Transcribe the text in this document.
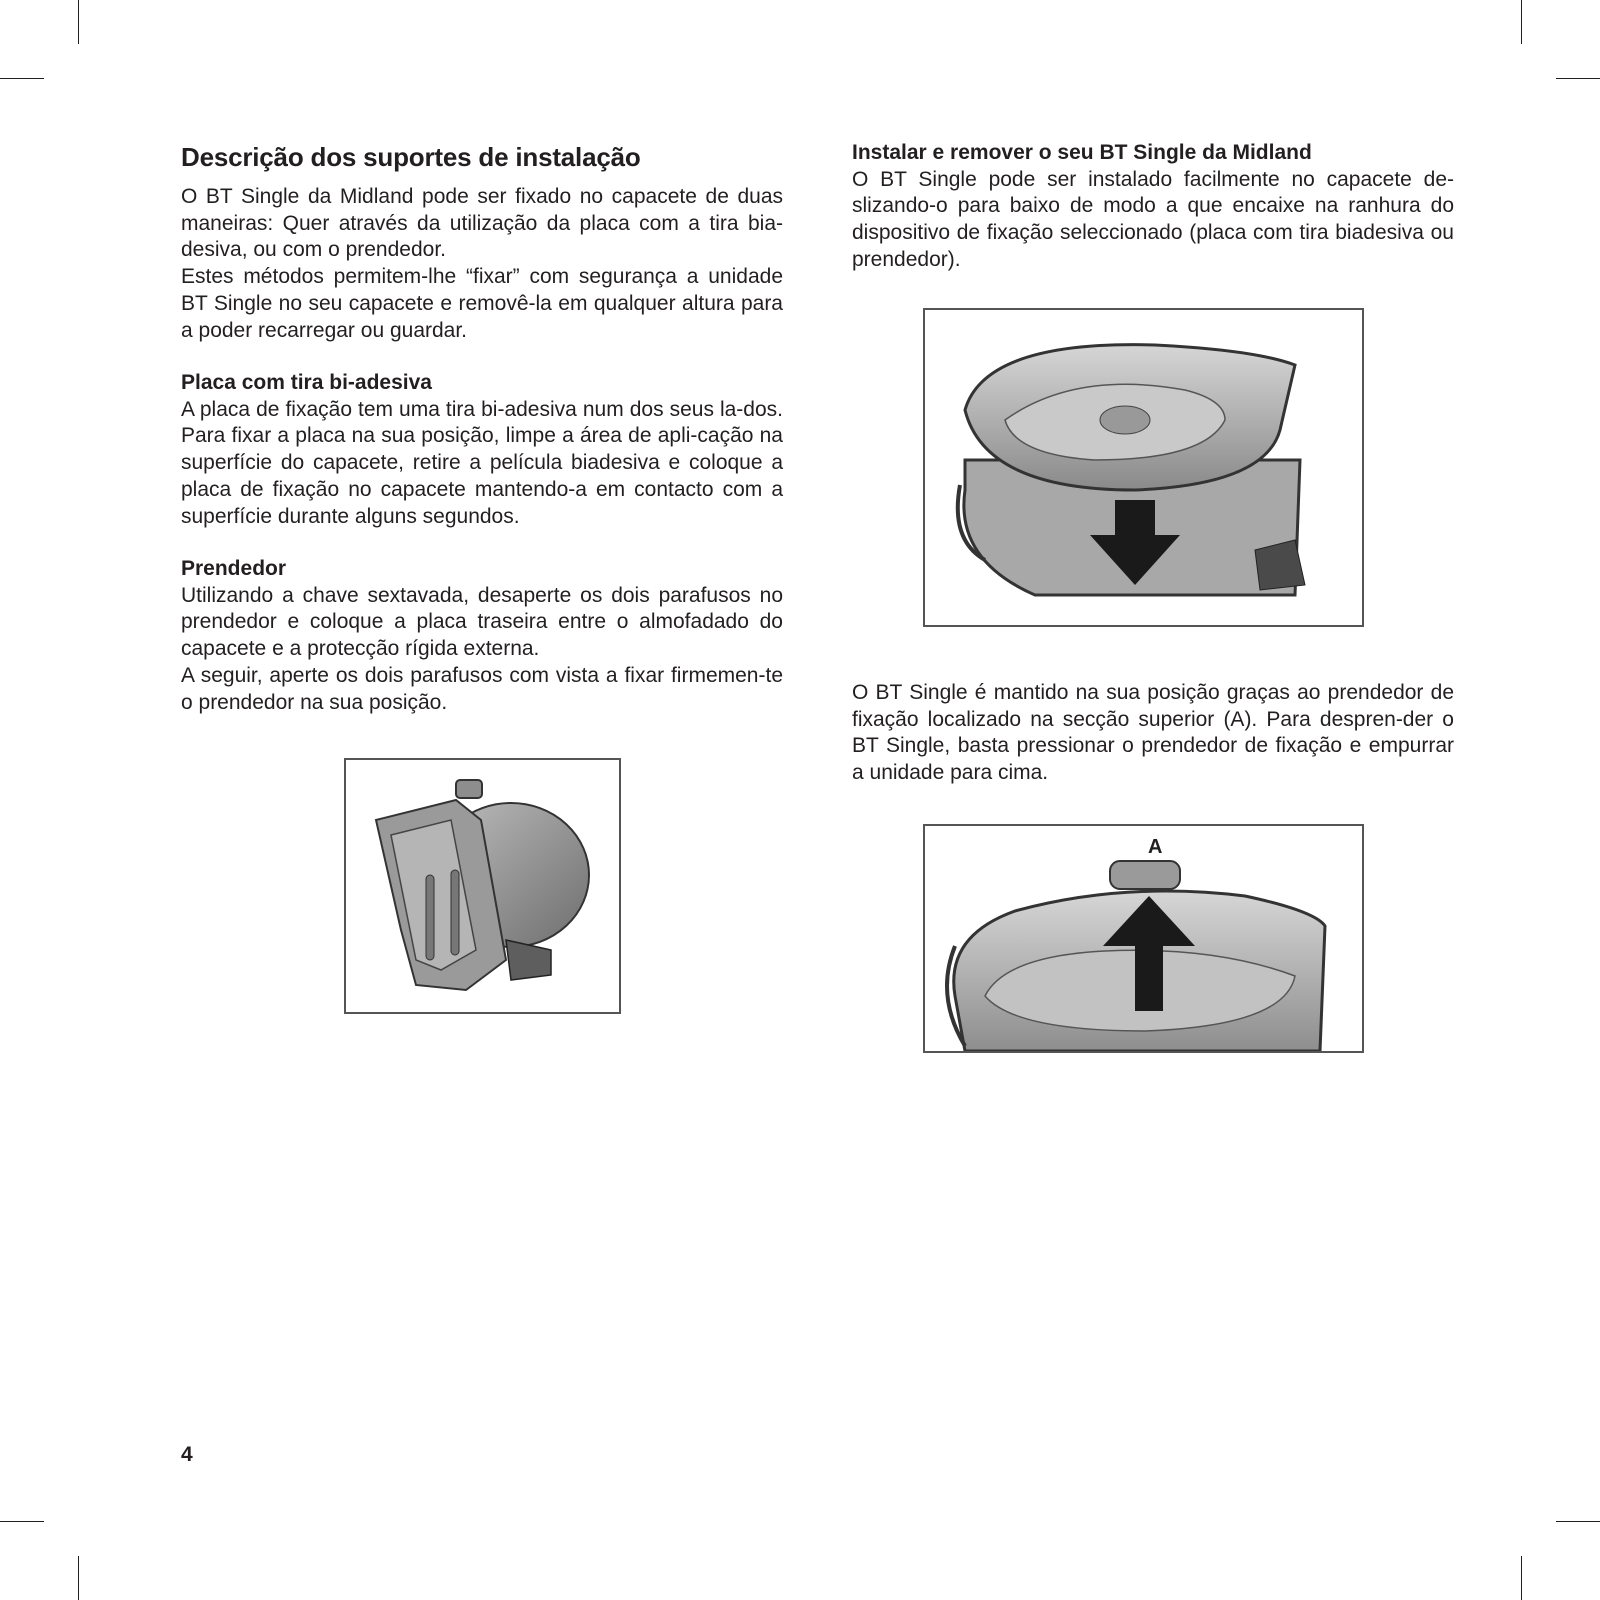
Descrição dos suportes de instalação

O BT Single da Midland pode ser fixado no capacete de duas maneiras: Quer através da utilização da placa com a tira bia-desiva, ou com o prendedor.

Estes métodos permitem-lhe “fixar” com segurança a unidade BT Single no seu capacete e removê-la em qualquer altura para a poder recarregar ou guardar.

Placa com tira bi-adesiva

A placa de fixação tem uma tira bi-adesiva num dos seus la-dos. Para fixar a placa na sua posição, limpe a área de apli-cação na superfície do capacete, retire a película biadesiva e coloque a placa de fixação no capacete mantendo-a em contacto com a superfície durante alguns segundos.

Prendedor

Utilizando a chave sextavada, desaperte os dois parafusos no prendedor e coloque a placa traseira entre o almofadado do capacete e a protecção rígida externa.

A seguir, aperte os dois parafusos com vista a fixar firmemen-te o prendedor na sua posição.

Instalar e remover o seu BT Single da Midland

O BT Single pode ser instalado facilmente no capacete de-slizando-o para baixo de modo a que encaixe na ranhura do dispositivo de fixação seleccionado (placa com tira biadesiva ou prendedor).

O BT Single é mantido na sua posição graças ao prendedor de fixação localizado na secção superior (A). Para despren-der o BT Single, basta pressionar o prendedor de fixação e empurrar a unidade para cima.

A
4
